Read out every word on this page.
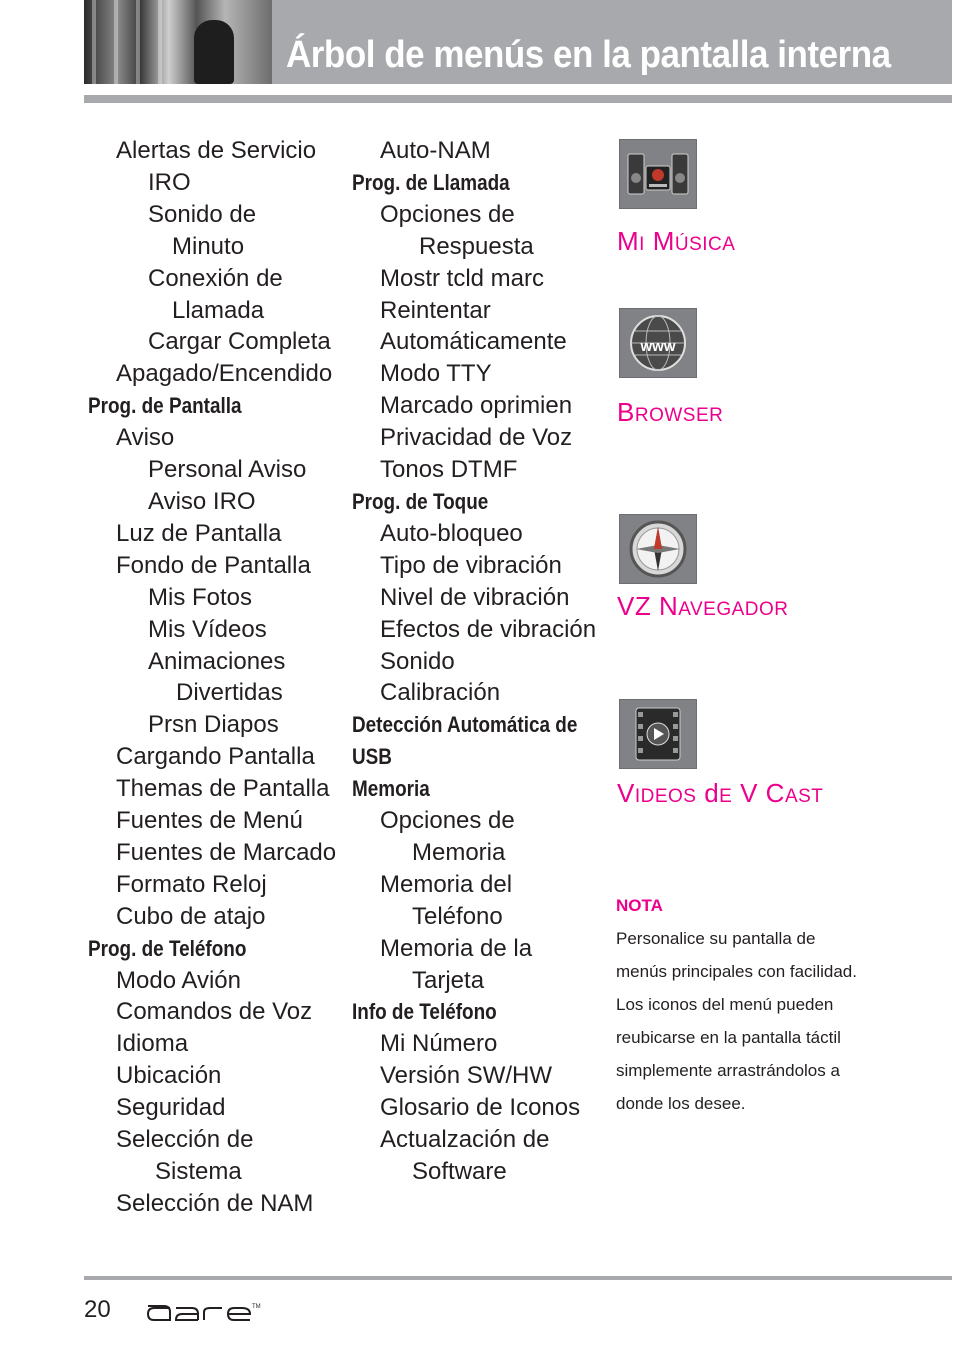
Árbol de menús en la pantalla interna
Alertas de Servicio
IRO
Sonido de
Minuto
Conexión de
Llamada
Cargar Completa
Apagado/Encendido
Prog. de Pantalla
Aviso
Personal Aviso
Aviso IRO
Luz de Pantalla
Fondo de Pantalla
Mis Fotos
Mis Vídeos
Animaciones
Divertidas
Prsn Diapos
Cargando Pantalla
Themas de Pantalla
Fuentes de Menú
Fuentes de Marcado
Formato Reloj
Cubo de atajo
Prog. de Teléfono
Modo Avión
Comandos de Voz
Idioma
Ubicación
Seguridad
Selección de
Sistema
Selección de NAM
Auto-NAM
Prog. de Llamada
Opciones de
Respuesta
Mostr tcld marc
Reintentar
Automáticamente
Modo TTY
Marcado oprimien
Privacidad de Voz
Tonos DTMF
Prog. de Toque
Auto-bloqueo
Tipo de vibración
Nivel de vibración
Efectos de vibración
Sonido
Calibración
Detección Automática de
USB
Memoria
Opciones de
Memoria
Memoria del
Teléfono
Memoria de la
Tarjeta
Info de Teléfono
Mi Número
Versión SW/HW
Glosario de Iconos
Actualzación de
Software
MI MÚSICA
www
BROWSER
VZ NAVEGADOR
VIDEOS dE V CAST
NOTA
Personalice su pantalla de
menús principales con facilidad.
Los iconos del menú pueden
reubicarse en la pantalla táctil
simplemente arrastrándolos a
donde los desee.
20	TM
